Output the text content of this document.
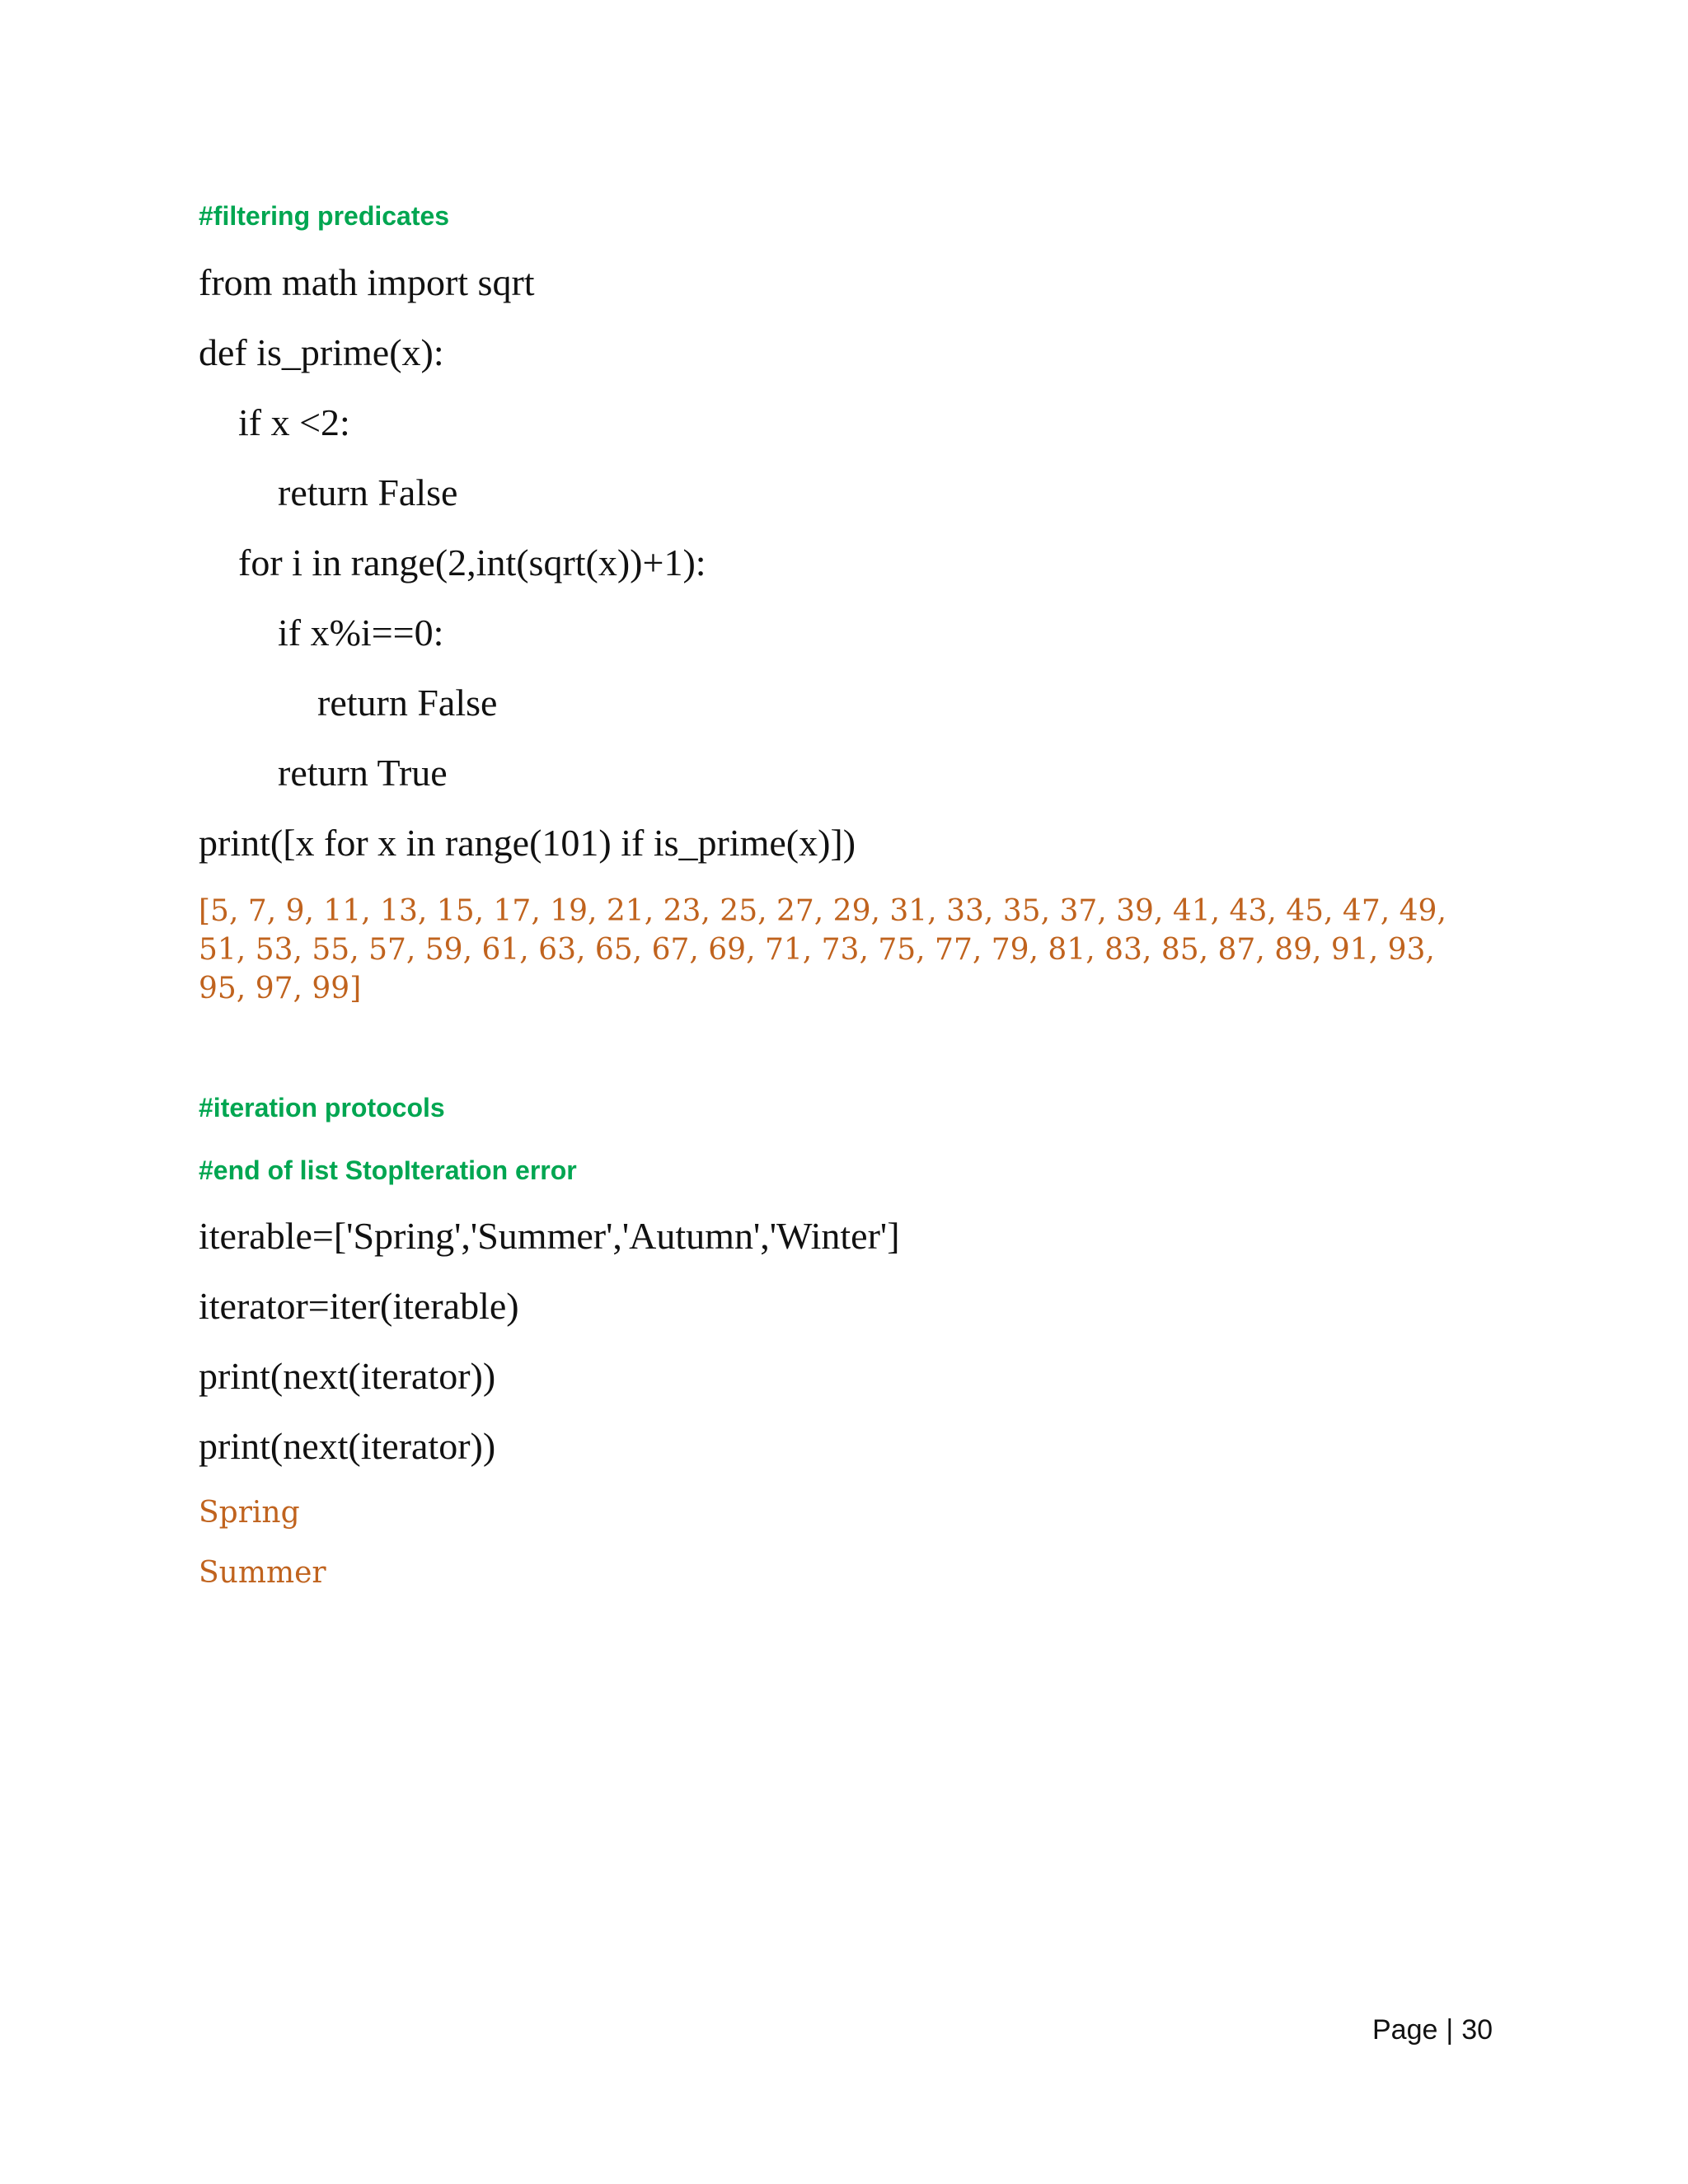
#filtering predicates
from math import sqrt
def is_prime(x):
if x <2:
return False
for i in range(2,int(sqrt(x))+1):
if x%i==0:
return False
return True
print([x for x in range(101) if is_prime(x)])
[5, 7, 9, 11, 13, 15, 17, 19, 21, 23, 25, 27, 29, 31, 33, 35, 37, 39, 41, 43, 45, 47, 49,
51, 53, 55, 57, 59, 61, 63, 65, 67, 69, 71, 73, 75, 77, 79, 81, 83, 85, 87, 89, 91, 93,
95, 97, 99]
#iteration protocols
#end of list StopIteration error
iterable=['Spring','Summer','Autumn','Winter']
iterator=iter(iterable)
print(next(iterator))
print(next(iterator))
Spring
Summer
Page | 30
